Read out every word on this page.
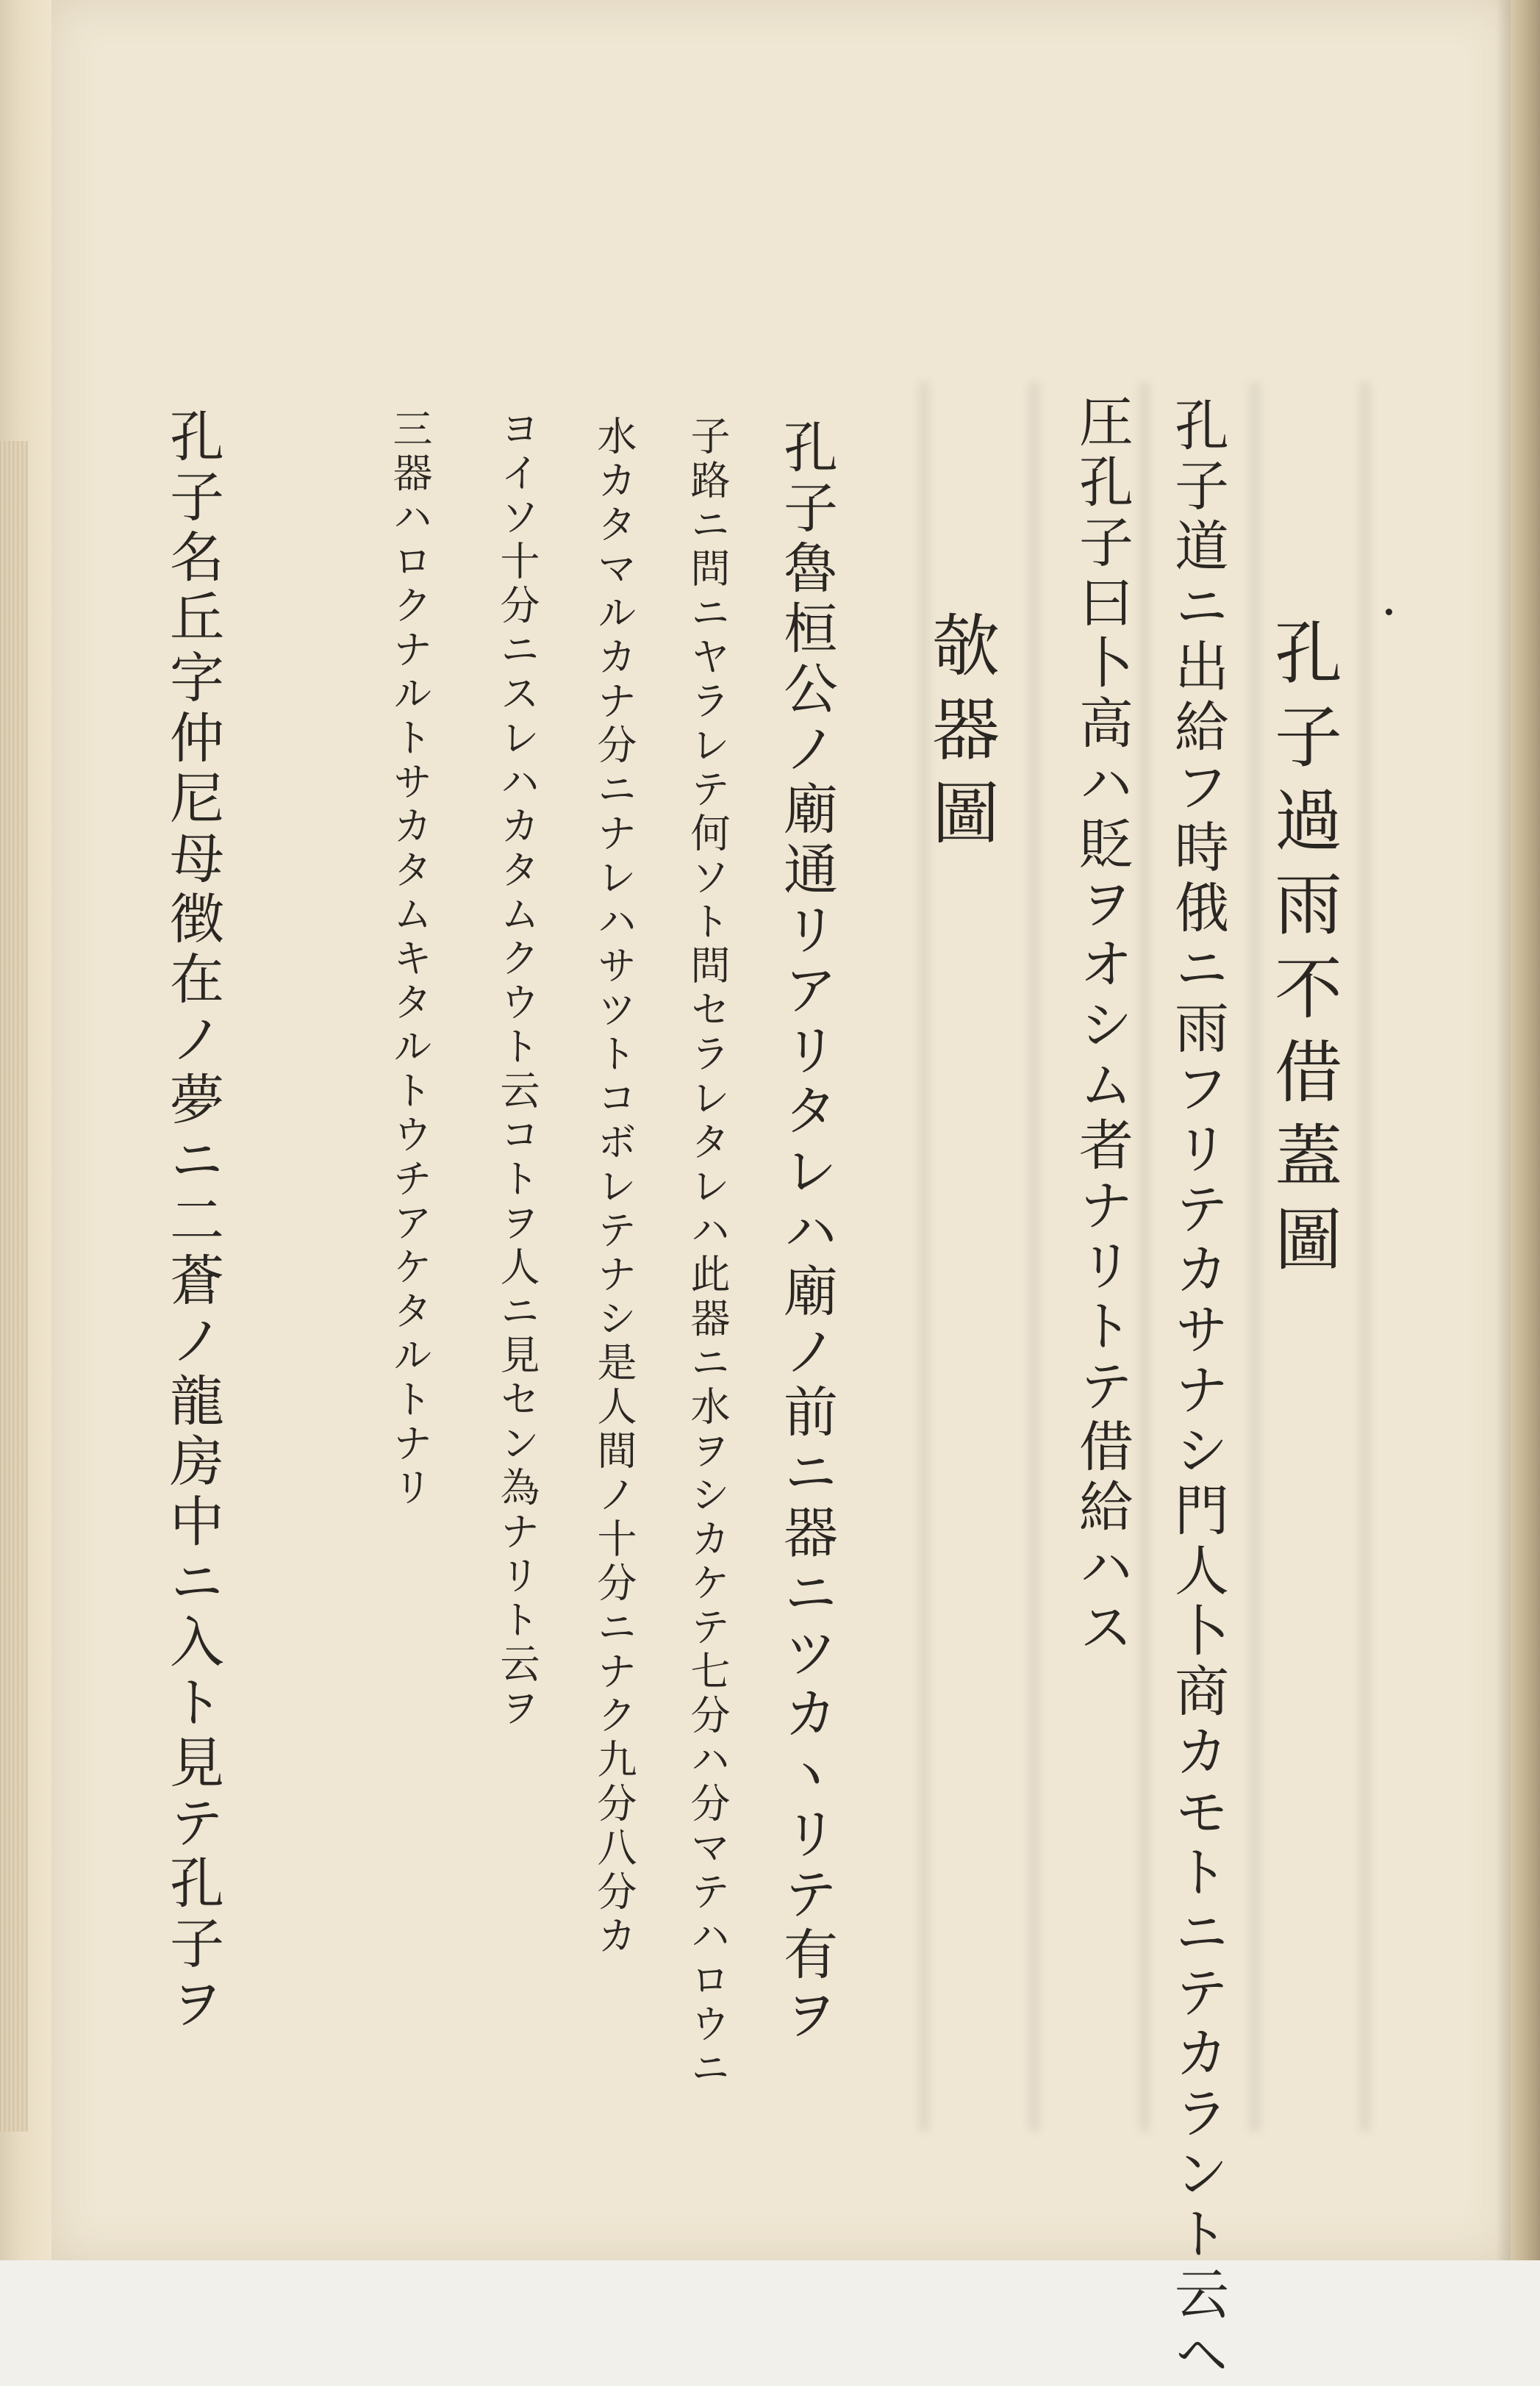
孔子過雨不借蓋圖
孔子道ニ出給フ時俄ニ雨フリテカサナシ門人卜商カモトニテカラント云ヘ
圧孔子曰卜高ハ貶ヲオシム者ナリトテ借給ハス
欹器圖
孔子魯桓公ノ廟通リアリタレハ廟ノ前ニ器ニツカヽリテ有ヲ
子路ニ問ニヤラレテ何ソト問セラレタレハ此器ニ水ヲシカケテ七分ハ分マテハロウニ
水カタマルカナ分ニナレハサツトコボレテナシ是人間ノ十分ニナク九分八分カ
ヨイソ十分ニスレハカタムクウト云コトヲ人ニ見セン為ナリト云ヲ
三器ハロクナルトサカタムキタルトウチアケタルトナリ
孔子名丘字仲尼母徴在ノ夢ニ二蒼ノ龍房中ニ入ト見テ孔子ヲ
